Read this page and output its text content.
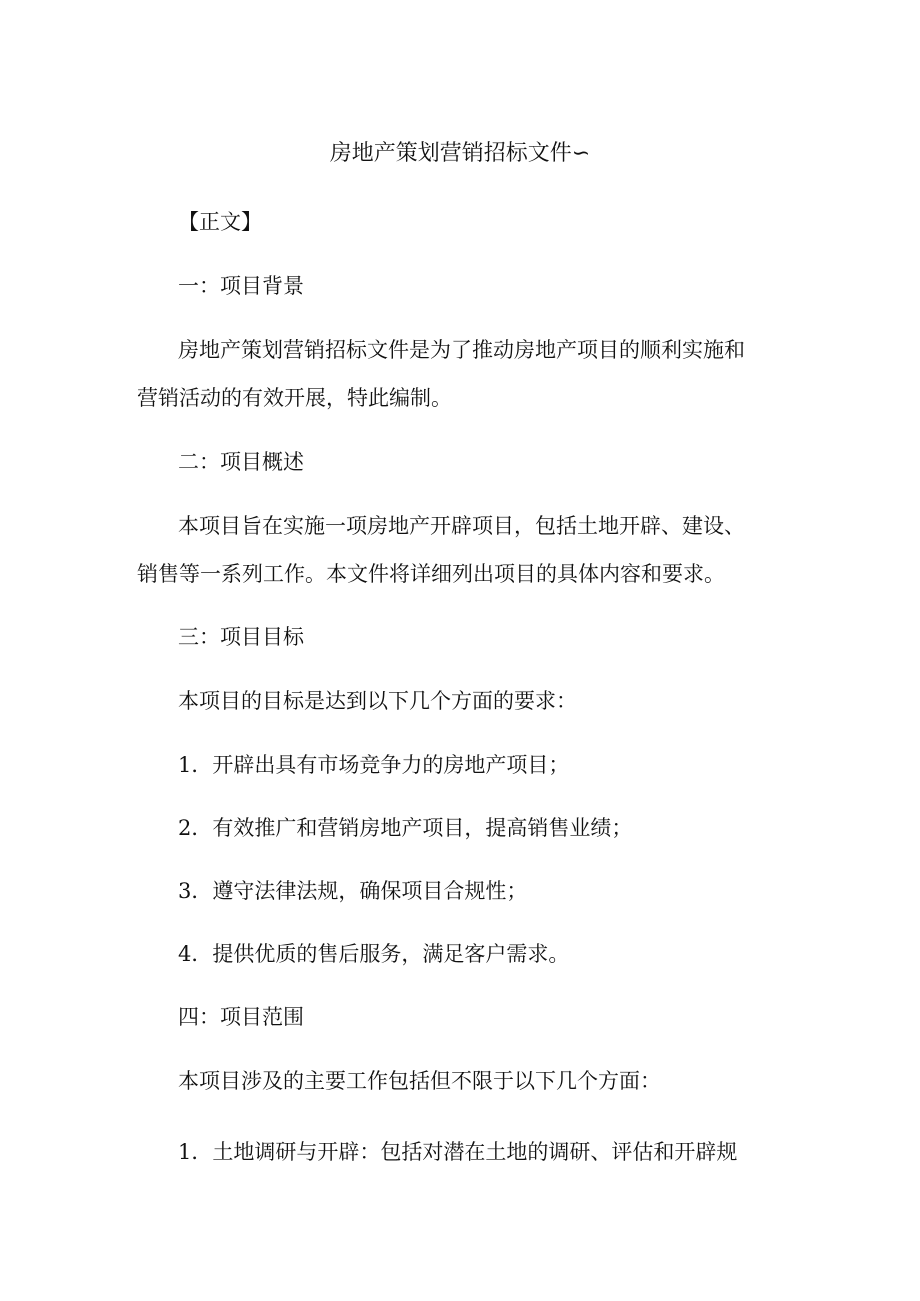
房地产策划营销招标文件∽
【正文】
一：项目背景
房地产策划营销招标文件是为了推动房地产项目的顺利实施和
营销活动的有效开展，特此编制。
二：项目概述
本项目旨在实施一项房地产开辟项目，包括土地开辟、建设、
销售等一系列工作。本文件将详细列出项目的具体内容和要求。
三：项目目标
本项目的目标是达到以下几个方面的要求：
1．开辟出具有市场竞争力的房地产项目；
2．有效推广和营销房地产项目，提高销售业绩；
3．遵守法律法规，确保项目合规性；
4．提供优质的售后服务，满足客户需求。
四：项目范围
本项目涉及的主要工作包括但不限于以下几个方面：
1．土地调研与开辟：包括对潜在土地的调研、评估和开辟规
